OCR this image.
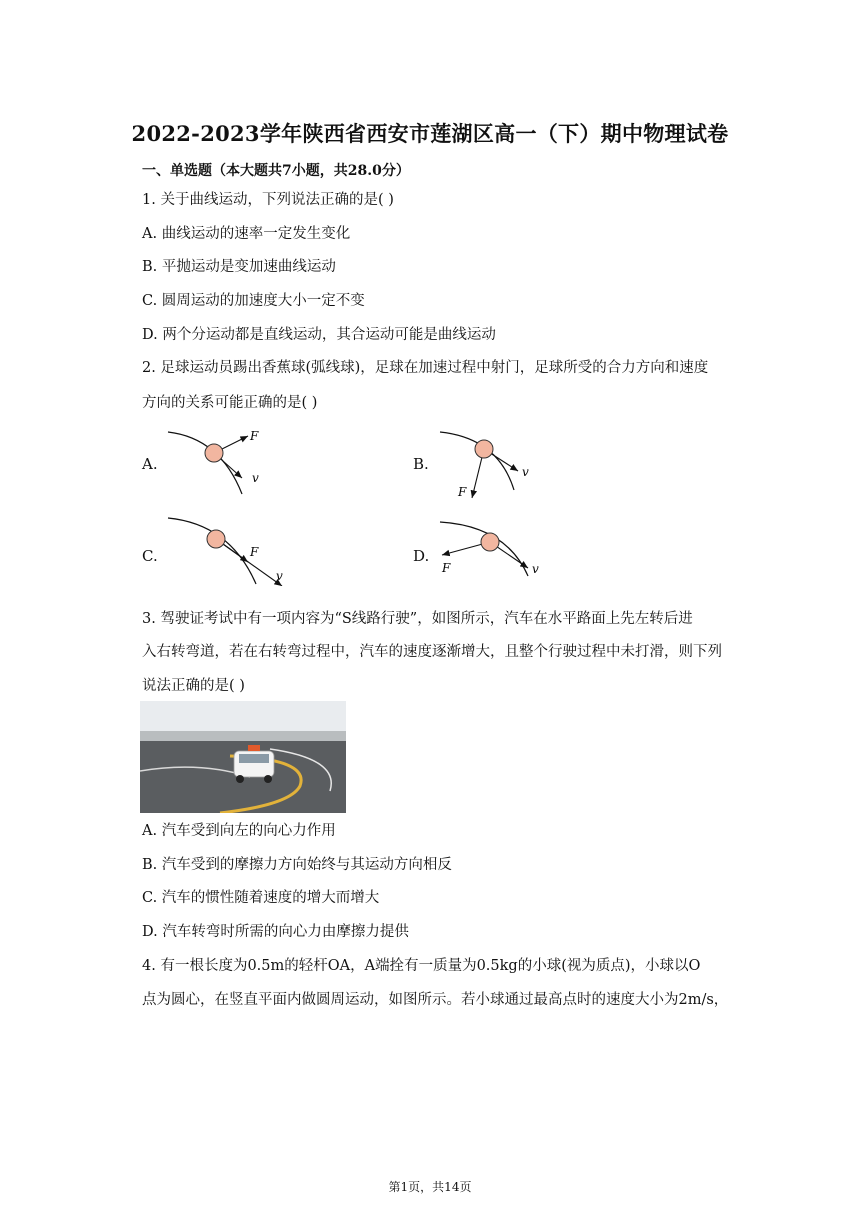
2022-2023学年陕西省西安市莲湖区高一（下）期中物理试卷
一、单选题（本大题共7小题，共28.0分）
1. 关于曲线运动，下列说法正确的是( )
A. 曲线运动的速率一定发生变化
B. 平抛运动是变加速曲线运动
C. 圆周运动的加速度大小一定不变
D. 两个分运动都是直线运动，其合运动可能是曲线运动
2. 足球运动员踢出香蕉球(弧线球)，足球在加速过程中射门，足球所受的合力方向和速度
方向的关系可能正确的是( )
A.	B.
C.	D.
F
v	v
F
F
v
F	v
3. 驾驶证考试中有一项内容为“S线路行驶”，如图所示，汽车在水平路面上先左转后进
入右转弯道，若在右转弯过程中，汽车的速度逐渐增大，且整个行驶过程中未打滑，则下列
说法正确的是( )
A. 汽车受到向左的向心力作用
B. 汽车受到的摩擦力方向始终与其运动方向相反
C. 汽车的惯性随着速度的增大而增大
D. 汽车转弯时所需的向心力由摩擦力提供
4. 有一根长度为0.5m的轻杆OA，A端拴有一质量为0.5kg的小球(视为质点)，小球以O
点为圆心，在竖直平面内做圆周运动，如图所示。若小球通过最高点时的速度大小为2m/s，
第1页，共14页
